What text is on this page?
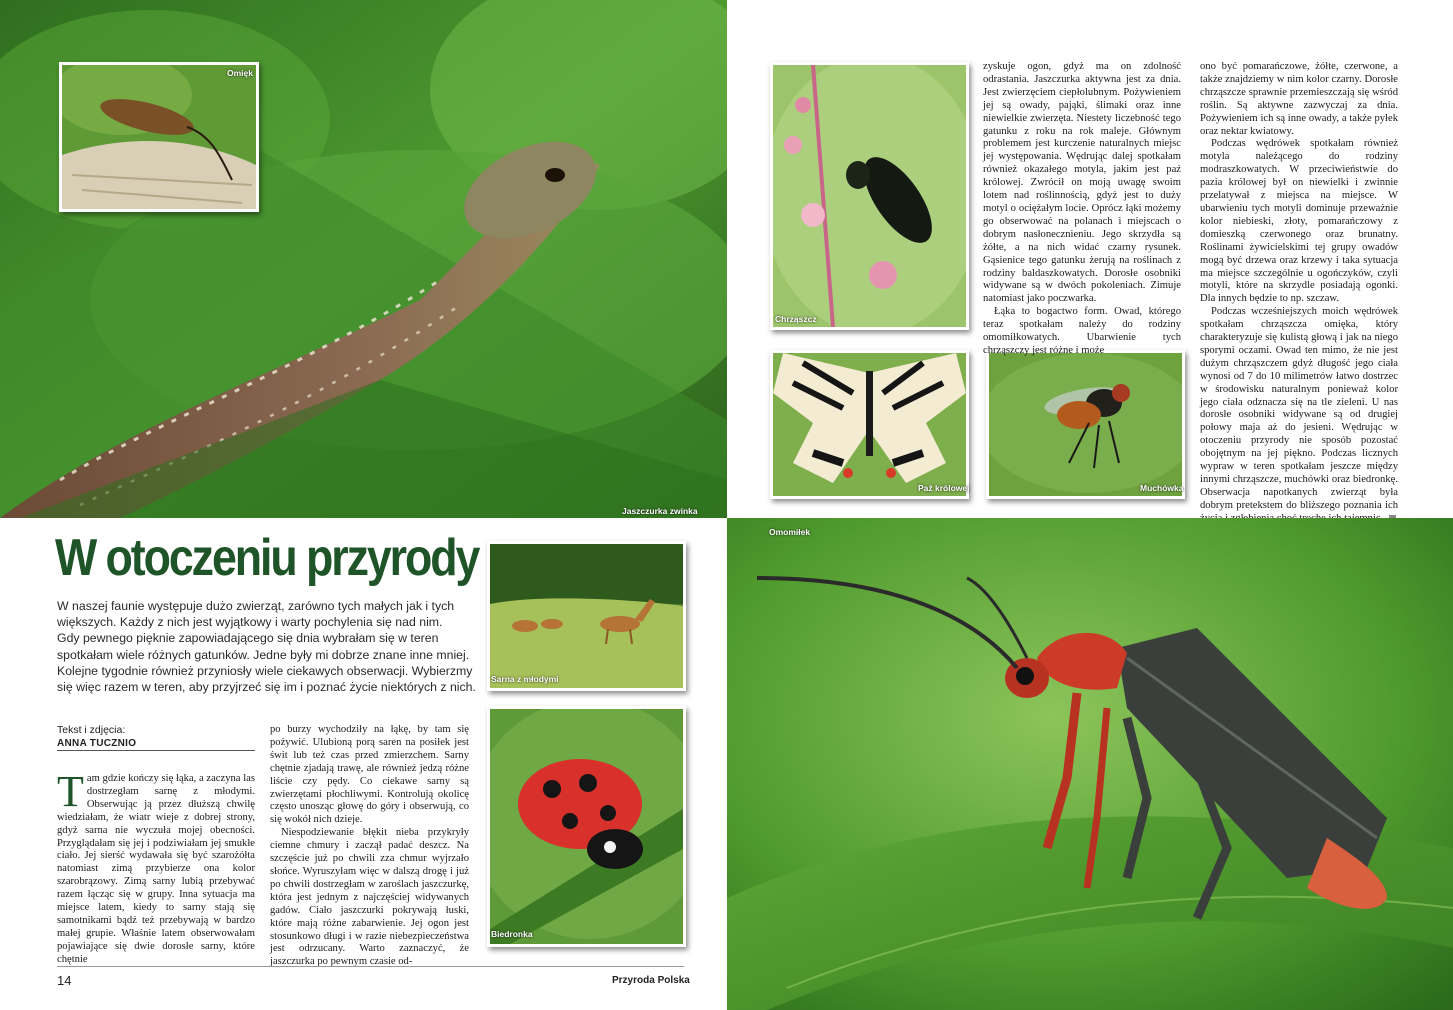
Jaszczurka zwinka
Omięk
Chrząszcz
Paź królowej	Muchówka

zyskuje ogon, gdyż ma on zdolność odrastania. Jaszczurka aktywna jest za dnia. Jest zwierzęciem ciepłolubnym. Pożywieniem jej są owady, pająki, ślimaki oraz inne niewielkie zwierzęta. Niestety liczebność tego gatunku z roku na rok maleje. Głównym problemem jest kurczenie naturalnych miejsc jej występowania. Wędrując dalej spotkałam również okazałego motyla, jakim jest paź królowej. Zwrócił on moją uwagę swoim lotem nad roślinnością, gdyż jest to duży motyl o ociężałym locie. Oprócz łąki możemy go obserwować na polanach i miejscach o dobrym nasłonecznieniu. Jego skrzydła są żółte, a na nich widać czarny rysunek. Gąsienice tego gatunku żerują na roślinach z rodziny baldaszkowatych. Dorosłe osobniki widywane są w dwóch pokoleniach. Zimuje natomiast jako poczwarka.

Łąka to bogactwo form. Owad, którego teraz spotkałam należy do rodziny omomiłkowatych. Ubarwienie tych chrząszczy jest różne i może

ono być pomarańczowe, żółte, czerwone, a także znajdziemy w nim kolor czarny. Dorosłe chrząszcze sprawnie przemieszczają się wśród roślin. Są aktywne zazwyczaj za dnia. Pożywieniem ich są inne owady, a także pyłek oraz nektar kwiatowy.

Podczas wędrówek spotkałam również motyla należącego do rodziny modraszkowatych. W przeciwieństwie do pazia królowej był on niewielki i zwinnie przelatywał z miejsca na miejsce. W ubarwieniu tych motyli dominuje przeważnie kolor niebieski, złoty, pomarańczowy z domieszką czerwonego oraz brunatny. Roślinami żywicielskimi tej grupy owadów mogą być drzewa oraz krzewy i taka sytuacja ma miejsce szczególnie u ogończyków, czyli motyli, które na skrzydle posiadają ogonki. Dla innych będzie to np. szczaw.

Podczas wcześniejszych moich wędrówek spotkałam chrząszcza omięka, który charakteryzuje się kulistą głową i jak na niego sporymi oczami. Owad ten mimo, że nie jest dużym chrząszczem gdyż długość jego ciała wynosi od 7 do 10 milimetrów łatwo dostrzec w środowisku naturalnym ponieważ kolor jego ciała odznacza się na tle zieleni. U nas dorosłe osobniki widywane są od drugiej połowy maja aż do jesieni. Wędrując w otoczeniu przyrody nie sposób pozostać obojętnym na jej piękno. Podczas licznych wypraw w teren spotkałam jeszcze między innymi chrząszcze, muchówki oraz biedronkę. Obserwacja napotkanych zwierząt była dobrym pretekstem do bliższego poznania ich

W otoczeniu przyrody

W naszej faunie występuje dużo zwierząt, zarówno tych małych jak i tych większych. Każdy z nich jest wyjątkowy i warty pochylenia się nad nim.

Gdy pewnego pięknie zapowiadającego się dnia wybrałam się w teren spotkałam wiele różnych gatunków. Jedne były mi dobrze znane inne mniej. Kolejne tygodnie również przyniosły wiele ciekawych obserwacji. Wybierzmy się więc razem w teren, aby przyjrzeć się im i poznać życie niektórych z nich.

Tekst i zdjęcia:
ANNA TUCZNIO

Tam gdzie kończy się łąka, a zaczyna las dostrzegłam sarnę z młodymi. Obserwując ją przez dłuższą chwilę wiedziałam, że wiatr wieje z dobrej strony, gdyż sarna nie wyczuła mojej obecności. Przyglądałam się jej i podziwiałam jej smukłe ciało. Jej sierść wydawała się być szarożółta natomiast zimą przybierze ona kolor szarobrązowy. Zimą sarny lubią przebywać razem łącząc się w grupy. Inna sytuacja ma miejsce latem, kiedy to sarny stają się samotnikami bądź też przebywają w bardzo małej grupie. Właśnie latem obserwowałam pojawiające się dwie dorosłe sarny, które chętnie

po burzy wychodziły na łąkę, by tam się pożywić. Ulubioną porą saren na posiłek jest świt lub też czas przed zmierzchem. Sarny chętnie zjadają trawę, ale również jedzą różne liście czy pędy. Co ciekawe sarny są zwierzętami płochliwymi. Kontrolują okolicę często unosząc głowę do góry i obserwują, co się wokół nich dzieje.

Niespodziewanie błękit nieba przykryły ciemne chmury i zaczął padać deszcz. Na szczęście już po chwili zza chmur wyjrzało słońce. Wyruszyłam więc w dalszą drogę i już po chwili dostrzegłam w zaroślach jaszczurkę, która jest jednym z najczęściej widywanych gadów. Ciało jaszczurki pokrywają łuski, które mają różne zabarwienie. Jej ogon jest stosunkowo długi i w razie niebezpieczeństwa jest odrzucany. Warto zaznaczyć, że jaszczurka po pewnym czasie od-

Sarna z młodymi
Biedronka
14	Przyroda Polska
Omomiłek
